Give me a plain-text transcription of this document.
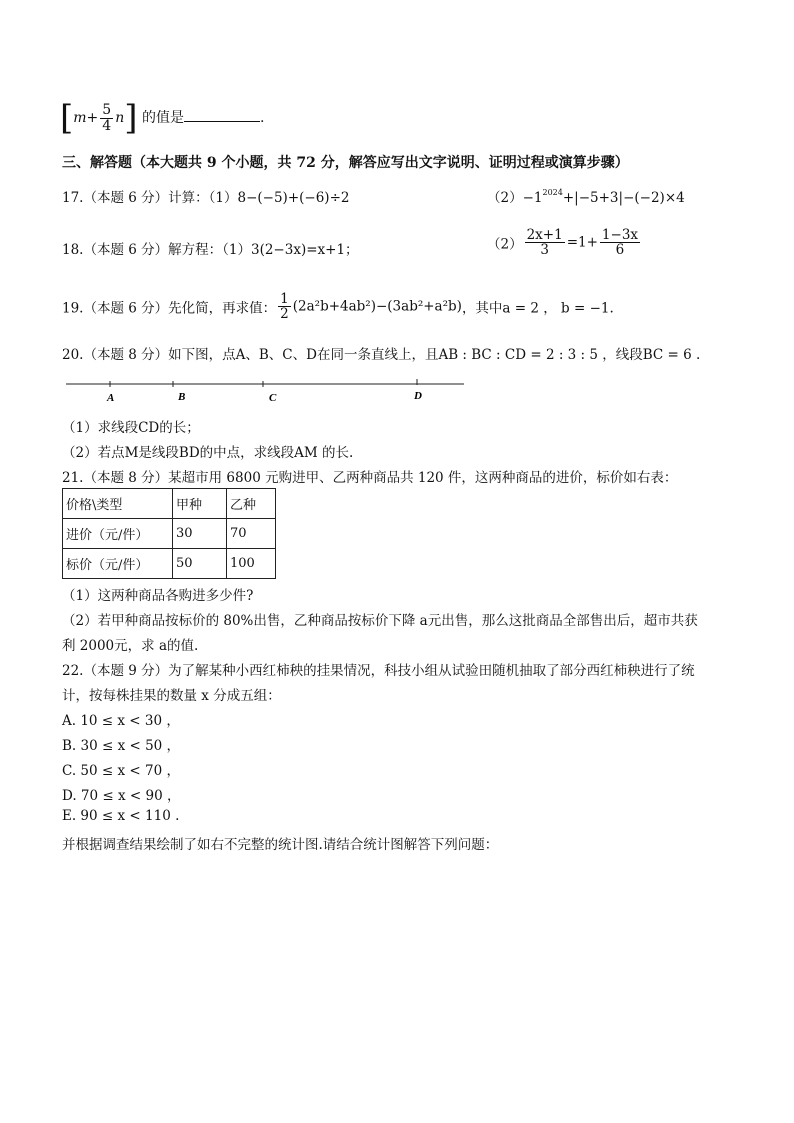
$[m+ \frac{5}{4} n]$ 的值是	.
三、解答题（本大题共 9 个小题，共 72 分，解答应写出文字说明、证明过程或演算步骤）
17.（本题 6 分）计算：（1）8−(−5)+(−6)÷2	$(2)-1^{2024}+|-5+3|-(-2)\times 4$
18.（本题 6 分）解方程：（1）3(2−3x)=x+1；	$(2) \frac{2x+1}{3} =1+ \frac{1-3x}{6}$
19.（本题 6 分）先化简，再求值： $\frac{1}{2} (2a^2b+4ab^2)-(3ab^2+a^2b)$，其中a = 2 ， b = −1.
20.（本题 8 分）如下图，点A、B、C、D在同一条直线上，且AB : BC : CD = 2 : 3 : 5 ，线段BC = 6 .
A	B	C	D
（1）求线段CD的长；
（2）若点M是线段BD的中点，求线段AM 的长.
21.（本题 8 分）某超市用 6800 元购进甲、乙两种商品共 120 件，这两种商品的进价，标价如右表：
价格\类型	甲种	乙种
进价（元/件）	30	70
标价（元/件）	50	100
（1）这两种商品各购进多少件?
（2）若甲种商品按标价的 80%出售，乙种商品按标价下降 a元出售，那么这批商品全部售出后，超市共获
利 2000元，求 a的值.
22.（本题 9 分）为了解某种小西红柿秧的挂果情况，科技小组从试验田随机抽取了部分西红柿秧进行了统
计，按每株挂果的数量 x 分成五组：
A. 10 ≤ x < 30 ，
B. 30 ≤ x < 50 ，
C. 50 ≤ x < 70 ，
D. 70 ≤ x < 90 ，
E. 90 ≤ x < 110 .
并根据调查结果绘制了如右不完整的统计图.请结合统计图解答下列问题：
